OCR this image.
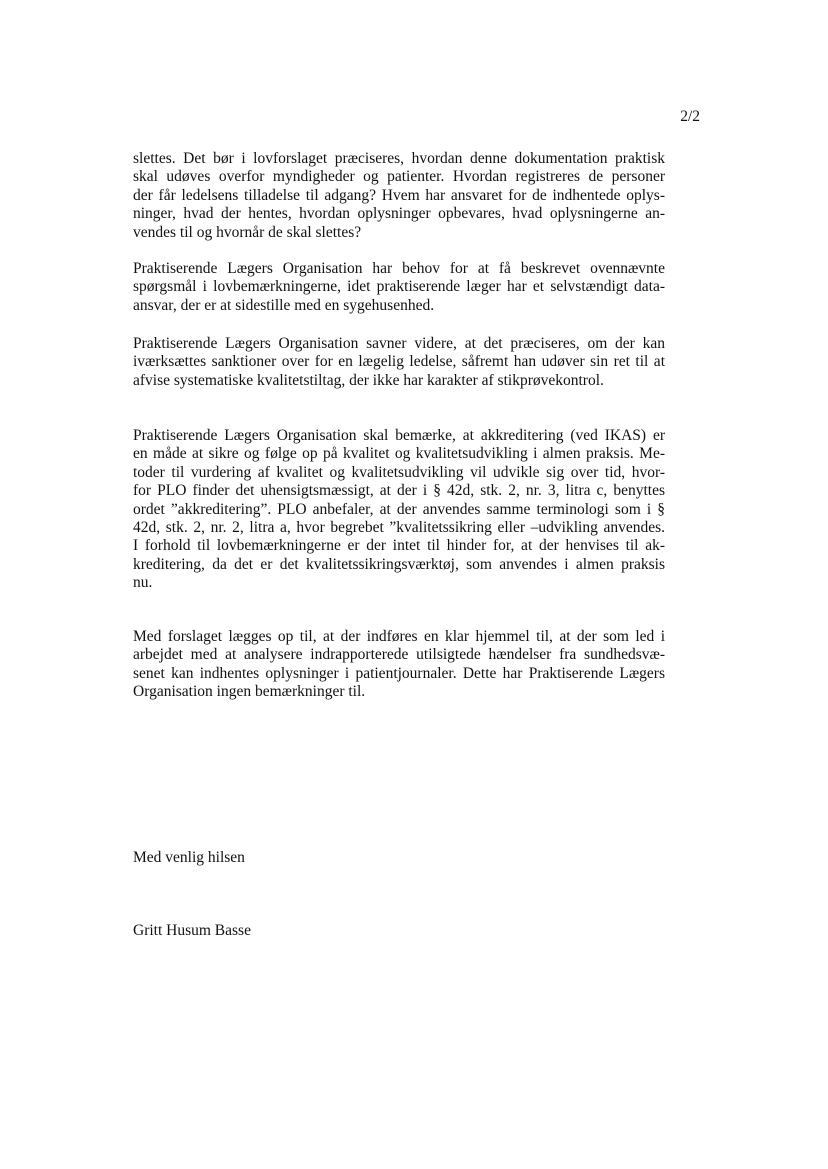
2/2
slettes. Det bør i lovforslaget præciseres, hvordan denne dokumentation praktisk
skal udøves overfor myndigheder og patienter. Hvordan registreres de personer
der får ledelsens tilladelse til adgang? Hvem har ansvaret for de indhentede oplys-
ninger, hvad der hentes, hvordan oplysninger opbevares, hvad oplysningerne an-
vendes til og hvornår de skal slettes?
Praktiserende Lægers Organisation har behov for at få beskrevet ovennævnte
spørgsmål i lovbemærkningerne, idet praktiserende læger har et selvstændigt data-
ansvar, der er at sidestille med en sygehusenhed.
Praktiserende Lægers Organisation savner videre, at det præciseres, om der kan
iværksættes sanktioner over for en lægelig ledelse, såfremt han udøver sin ret til at
afvise systematiske kvalitetstiltag, der ikke har karakter af stikprøvekontrol.
Praktiserende Lægers Organisation skal bemærke, at akkreditering (ved IKAS) er
en måde at sikre og følge op på kvalitet og kvalitetsudvikling i almen praksis. Me-
toder til vurdering af kvalitet og kvalitetsudvikling vil udvikle sig over tid, hvor-
for PLO finder det uhensigtsmæssigt, at der i § 42d, stk. 2, nr. 3, litra c, benyttes
ordet ”akkreditering”. PLO anbefaler, at der anvendes samme terminologi som i §
42d, stk. 2, nr. 2, litra a, hvor begrebet ”kvalitetssikring eller –udvikling anvendes.
I forhold til lovbemærkningerne er der intet til hinder for, at der henvises til ak-
kreditering, da det er det kvalitetssikringsværktøj, som anvendes i almen praksis
nu.
Med forslaget lægges op til, at der indføres en klar hjemmel til, at der som led i
arbejdet med at analysere indrapporterede utilsigtede hændelser fra sundhedsvæ-
senet kan indhentes oplysninger i patientjournaler. Dette har Praktiserende Lægers
Organisation ingen bemærkninger til.
Med venlig hilsen
Gritt Husum Basse
